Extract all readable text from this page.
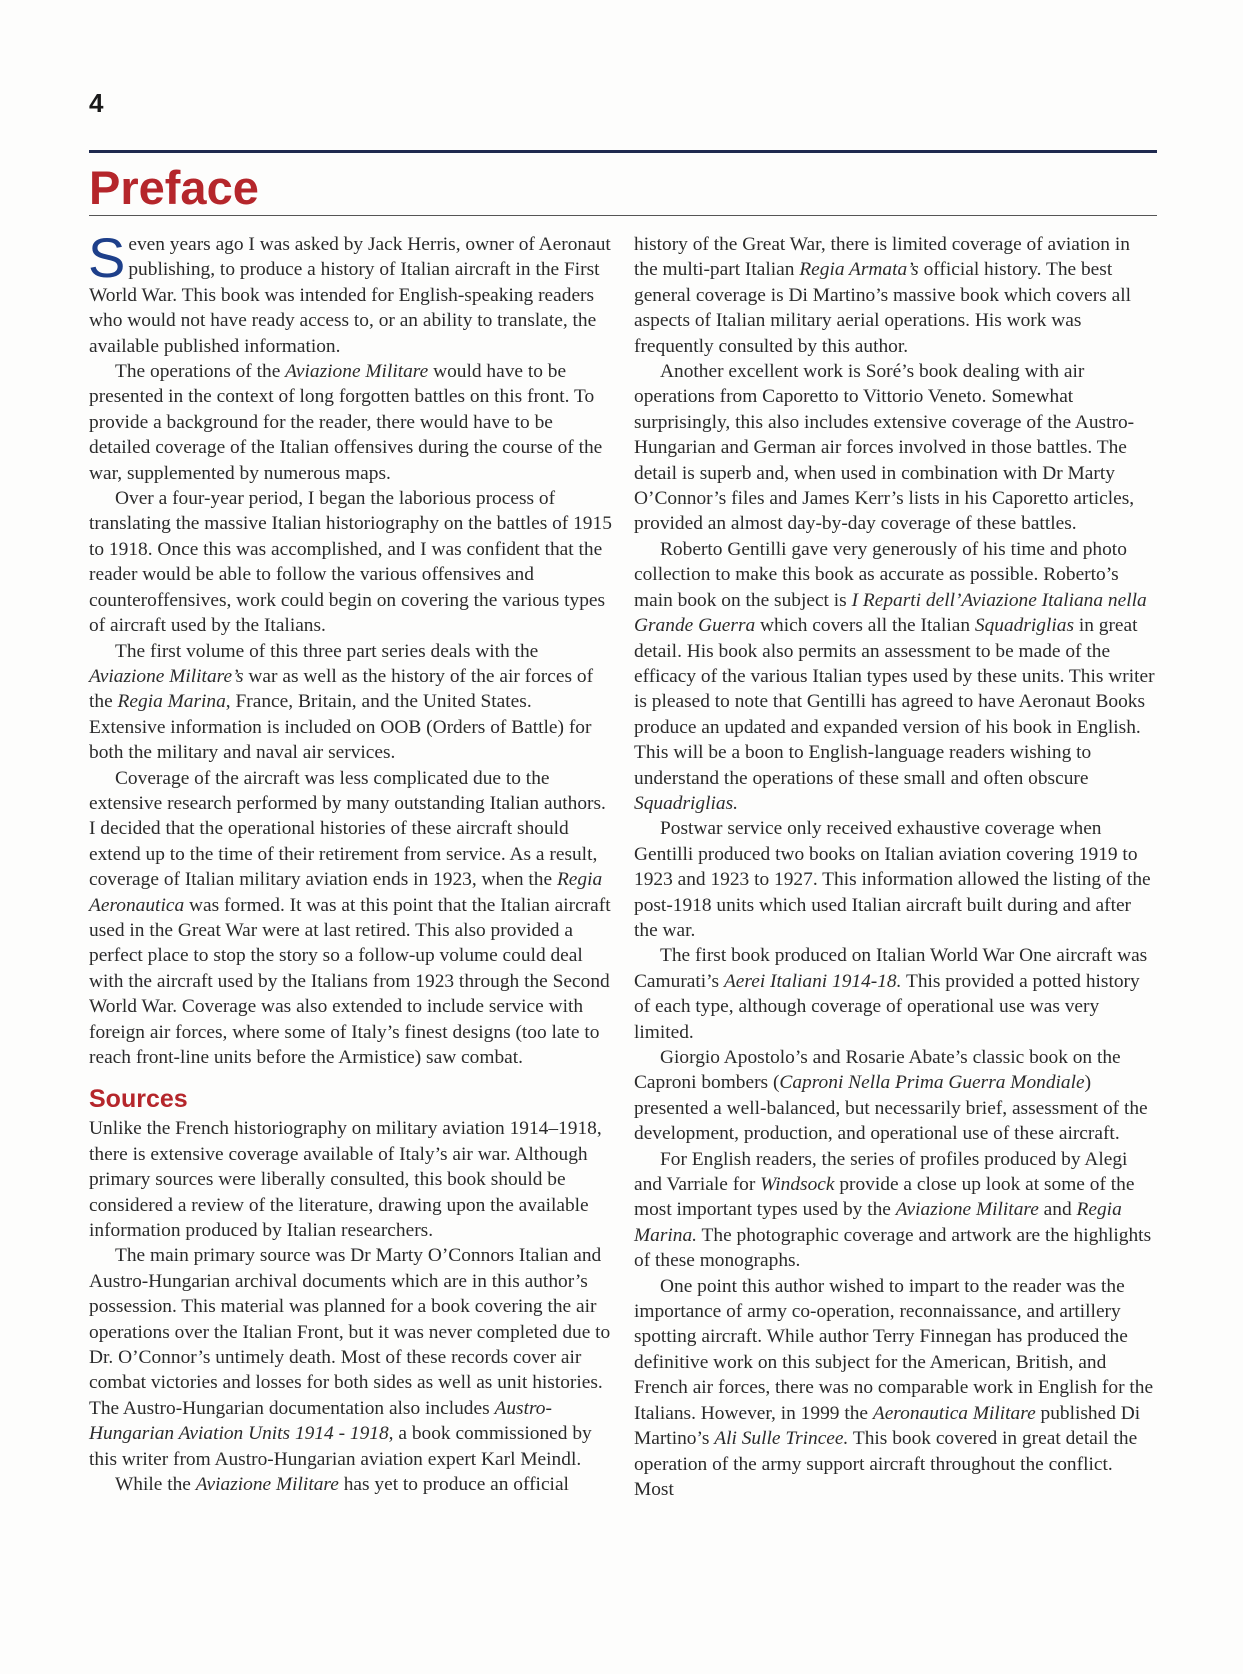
4
Preface

Seven years ago I was asked by Jack Herris, owner of Aeronaut publishing, to produce a history of Italian aircraft in the First World War. This book was intended for English-speaking readers who would not have ready access to, or an ability to translate, the available published information.

The operations of the Aviazione Militare would have to be presented in the context of long forgotten battles on this front. To provide a background for the reader, there would have to be detailed coverage of the Italian offensives during the course of the war, supplemented by numerous maps.

Over a four-year period, I began the laborious process of translating the massive Italian historiography on the battles of 1915 to 1918. Once this was accomplished, and I was confident that the reader would be able to follow the various offensives and counteroffensives, work could begin on covering the various types of aircraft used by the Italians.

The first volume of this three part series deals with the Aviazione Militare’s war as well as the history of the air forces of the Regia Marina, France, Britain, and the United States. Extensive information is included on OOB (Orders of Battle) for both the military and naval air services.

Coverage of the aircraft was less complicated due to the extensive research performed by many outstanding Italian authors. I decided that the operational histories of these aircraft should extend up to the time of their retirement from service. As a result, coverage of Italian military aviation ends in 1923, when the Regia Aeronautica was formed. It was at this point that the Italian aircraft used in the Great War were at last retired. This also provided a perfect place to stop the story so a follow-up volume could deal with the aircraft used by the Italians from 1923 through the Second World War. Coverage was also extended to include service with foreign air forces, where some of Italy’s finest designs (too late to reach front-line units before the Armistice) saw combat.

Sources

Unlike the French historiography on military aviation 1914–1918, there is extensive coverage available of Italy’s air war. Although primary sources were liberally consulted, this book should be considered a review of the literature, drawing upon the available information produced by Italian researchers.

The main primary source was Dr Marty O’Connors Italian and Austro-Hungarian archival documents which are in this author’s possession. This material was planned for a book covering the air operations over the Italian Front, but it was never completed due to Dr. O’Connor’s untimely death. Most of these records cover air combat victories and losses for both sides as well as unit histories. The Austro-Hungarian documentation also includes Austro-Hungarian Aviation Units 1914 - 1918, a book commissioned by this writer from Austro-Hungarian aviation expert Karl Meindl.

While the Aviazione Militare has yet to produce an official

history of the Great War, there is limited coverage of aviation in the multi-part Italian Regia Armata’s official history. The best general coverage is Di Martino’s massive book which covers all aspects of Italian military aerial operations. His work was frequently consulted by this author.

Another excellent work is Soré’s book dealing with air operations from Caporetto to Vittorio Veneto. Somewhat surprisingly, this also includes extensive coverage of the Austro-Hungarian and German air forces involved in those battles. The detail is superb and, when used in combination with Dr Marty O’Connor’s files and James Kerr’s lists in his Caporetto articles, provided an almost day-by-day coverage of these battles.

Roberto Gentilli gave very generously of his time and photo collection to make this book as accurate as possible. Roberto’s main book on the subject is I Reparti dell’Aviazione Italiana nella Grande Guerra which covers all the Italian Squadriglias in great detail. His book also permits an assessment to be made of the efficacy of the various Italian types used by these units. This writer is pleased to note that Gentilli has agreed to have Aeronaut Books produce an updated and expanded version of his book in English. This will be a boon to English-language readers wishing to understand the operations of these small and often obscure Squadriglias.

Postwar service only received exhaustive coverage when Gentilli produced two books on Italian aviation covering 1919 to 1923 and 1923 to 1927. This information allowed the listing of the post-1918 units which used Italian aircraft built during and after the war.

The first book produced on Italian World War One aircraft was Camurati’s Aerei Italiani 1914-18. This provided a potted history of each type, although coverage of operational use was very limited.

Giorgio Apostolo’s and Rosarie Abate’s classic book on the Caproni bombers (Caproni Nella Prima Guerra Mondiale) presented a well-balanced, but necessarily brief, assessment of the development, production, and operational use of these aircraft.

For English readers, the series of profiles produced by Alegi and Varriale for Windsock provide a close up look at some of the most important types used by the Aviazione Militare and Regia Marina. The photographic coverage and artwork are the highlights of these monographs.

One point this author wished to impart to the reader was the importance of army co-operation, reconnaissance, and artillery spotting aircraft. While author Terry Finnegan has produced the definitive work on this subject for the American, British, and French air forces, there was no comparable work in English for the Italians. However, in 1999 the Aeronautica Militare published Di Martino’s Ali Sulle Trincee. This book covered in great detail the operation of the army support aircraft throughout the conflict. Most
